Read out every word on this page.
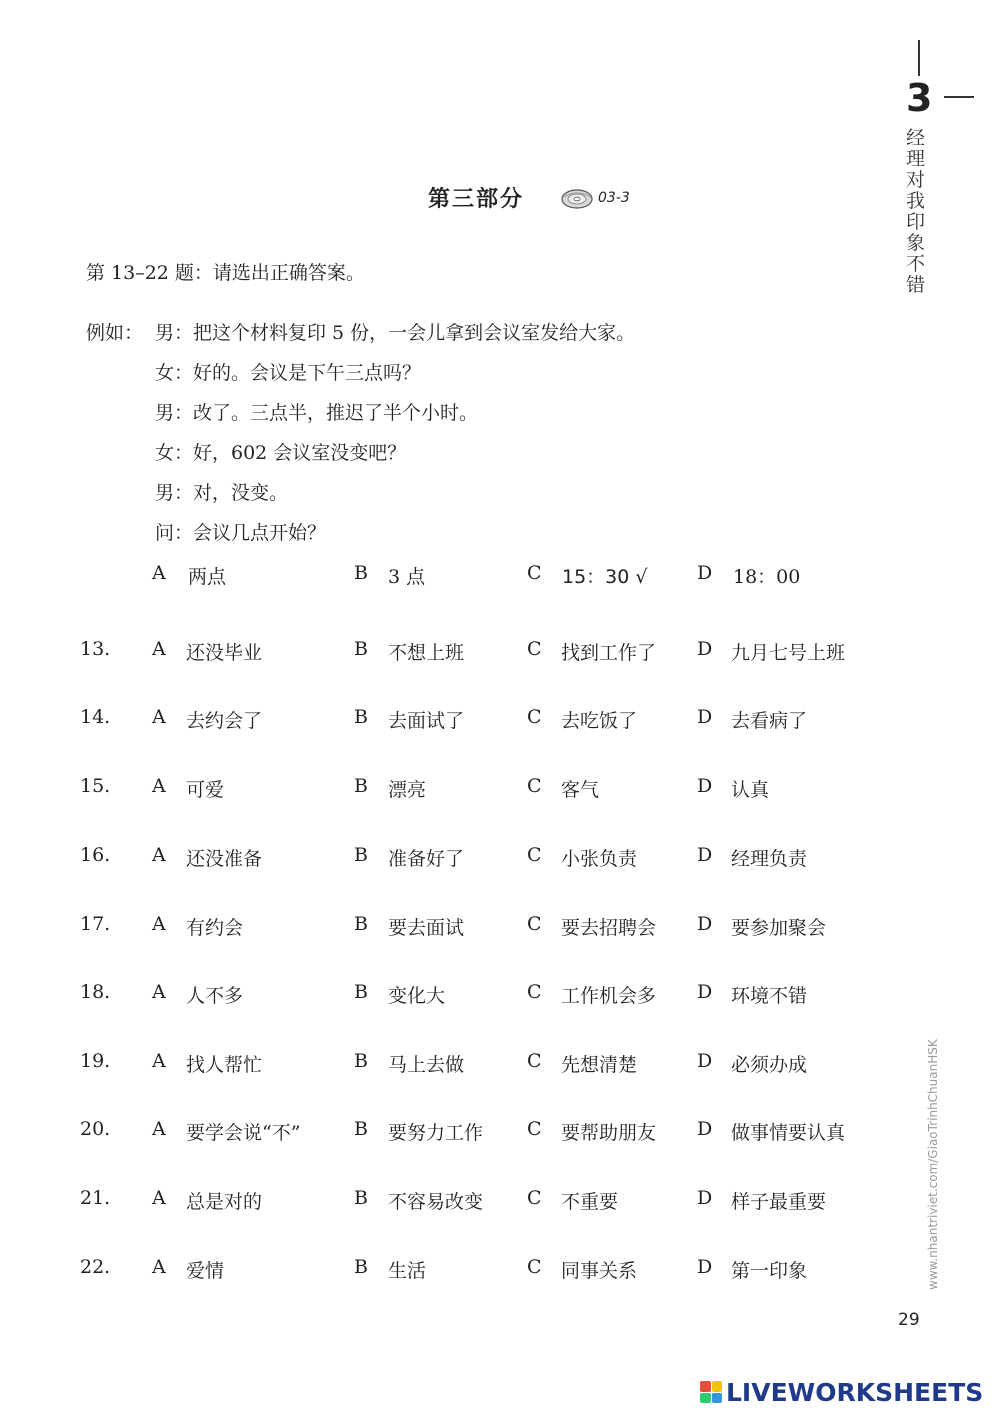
3
经理对我印象不错
www.nhantriviet.com/GiaoTrinhChuanHSK
第三部分	03-3
第 13–22 题：请选出正确答案。
例如： 男：把这个材料复印 5 份，一会儿拿到会议室发给大家。
女：好的。会议是下午三点吗？
男：改了。三点半，推迟了半个小时。
女：好，602 会议室没变吧？
男：对，没变。
问：会议几点开始？
A 两点	B 3 点	C 15：30 √	D 18：00
13. A 还没毕业	B 不想上班	C 找到工作了 D 九月七号上班
14. A 去约会了	B 去面试了	C 去吃饭了	D 去看病了
15. A 可爱	B 漂亮	C 客气	D 认真
16. A 还没准备	B 准备好了	C 小张负责	D 经理负责
17. A 有约会	B 要去面试	C 要去招聘会 D 要参加聚会
18. A 人不多	B 变化大	C 工作机会多 D 环境不错
19. A 找人帮忙	B 马上去做	C 先想清楚	D 必须办成
20. A 要学会说“不”	B 要努力工作 C 要帮助朋友 D 做事情要认真
21. A 总是对的	B 不容易改变 C 不重要	D 样子最重要
22. A 爱情	B 生活	C 同事关系	D 第一印象
29
LIVEWORKSHEETS
